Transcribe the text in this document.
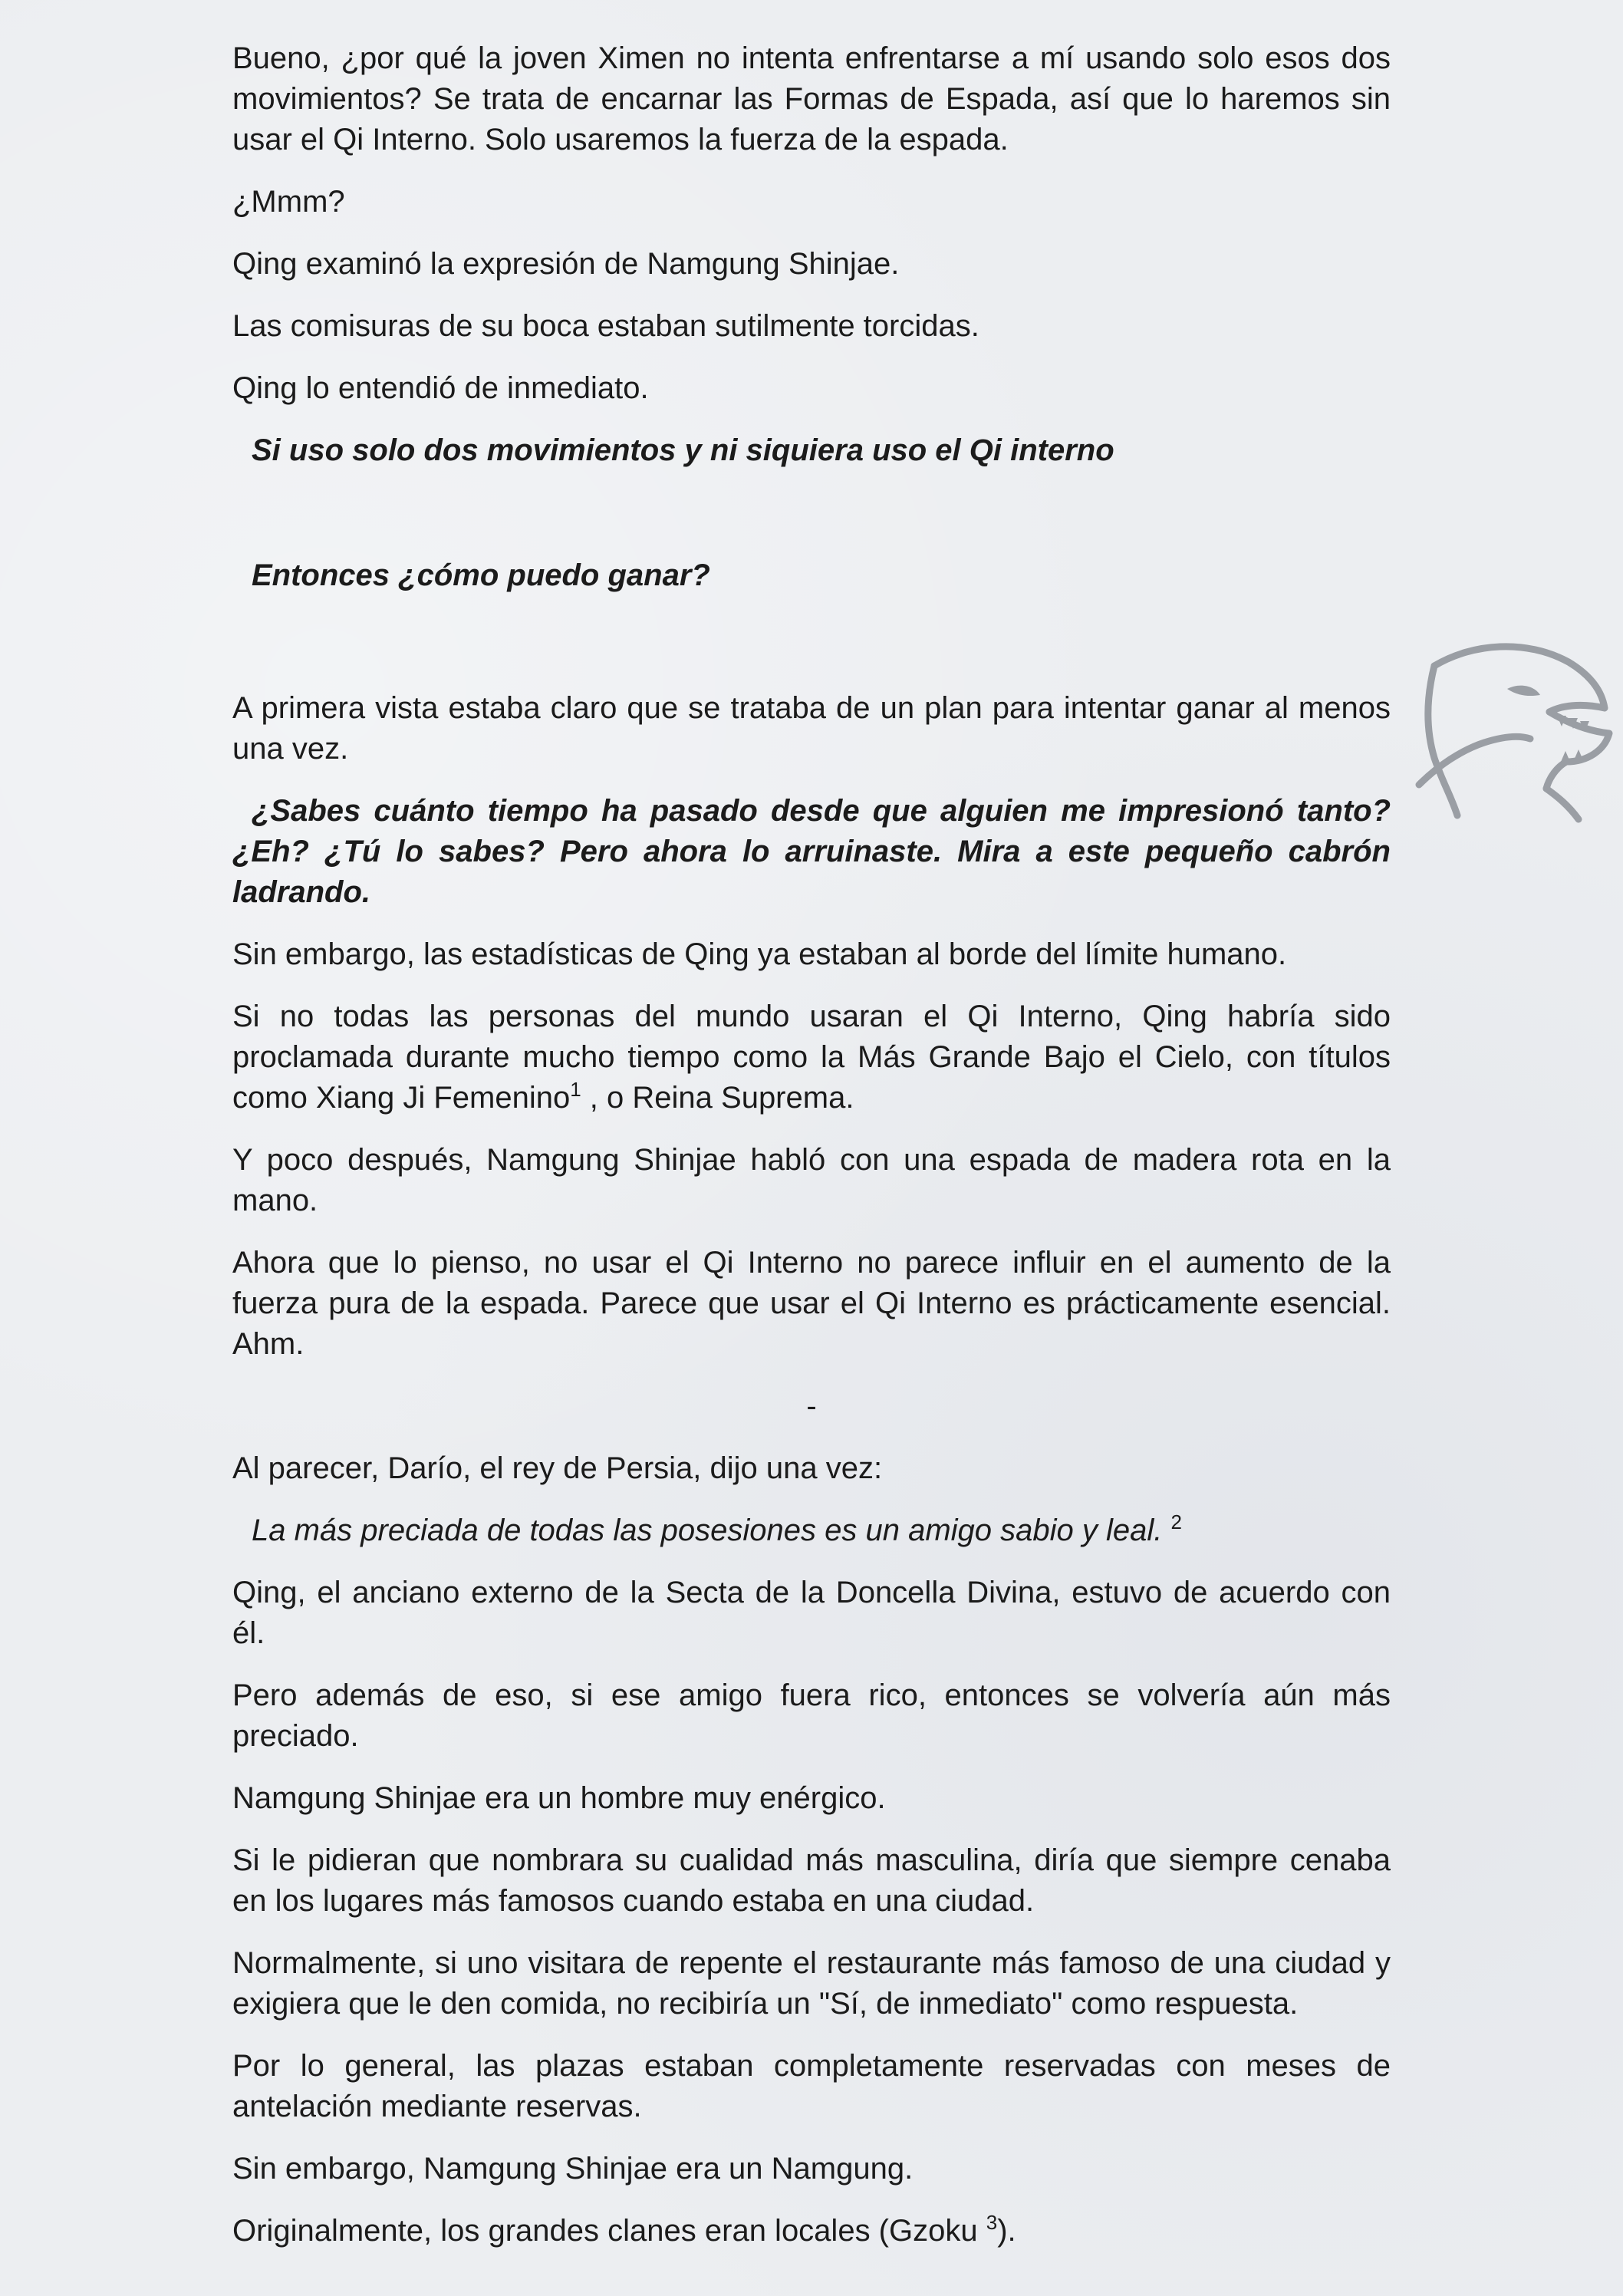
Bueno, ¿por qué la joven Ximen no intenta enfrentarse a mí usando solo esos dos movimientos? Se trata de encarnar las Formas de Espada, así que lo haremos sin usar el Qi Interno. Solo usaremos la fuerza de la espada.

¿Mmm?

Qing examinó la expresión de Namgung Shinjae.

Las comisuras de su boca estaban sutilmente torcidas.

Qing lo entendió de inmediato.

Si uso solo dos movimientos y ni siquiera uso el Qi interno

Entonces ¿cómo puedo ganar?

A primera vista estaba claro que se trataba de un plan para intentar ganar al menos una vez.

¿Sabes cuánto tiempo ha pasado desde que alguien me impresionó tanto? ¿Eh? ¿Tú lo sabes? Pero ahora lo arruinaste. Mira a este pequeño cabrón ladrando.

Sin embargo, las estadísticas de Qing ya estaban al borde del límite humano.

Si no todas las personas del mundo usaran el Qi Interno, Qing habría sido proclamada durante mucho tiempo como la Más Grande Bajo el Cielo, con títulos como Xiang Ji Femenino$^1$ , o Reina Suprema.

Y poco después, Namgung Shinjae habló con una espada de madera rota en la mano.

Ahora que lo pienso, no usar el Qi Interno no parece influir en el aumento de la fuerza pura de la espada. Parece que usar el Qi Interno es prácticamente esencial. Ahm.

-

Al parecer, Darío, el rey de Persia, dijo una vez:

La más preciada de todas las posesiones es un amigo sabio y leal. $^2$

Qing, el anciano externo de la Secta de la Doncella Divina, estuvo de acuerdo con él.

Pero además de eso, si ese amigo fuera rico, entonces se volvería aún más preciado.

Namgung Shinjae era un hombre muy enérgico.

Si le pidieran que nombrara su cualidad más masculina, diría que siempre cenaba en los lugares más famosos cuando estaba en una ciudad.

Normalmente, si uno visitara de repente el restaurante más famoso de una ciudad y exigiera que le den comida, no recibiría un "Sí, de inmediato" como respuesta.

Por lo general, las plazas estaban completamente reservadas con meses de antelación mediante reservas.

Sin embargo, Namgung Shinjae era un Namgung.

Originalmente, los grandes clanes eran locales (Gzoku $^3$).
